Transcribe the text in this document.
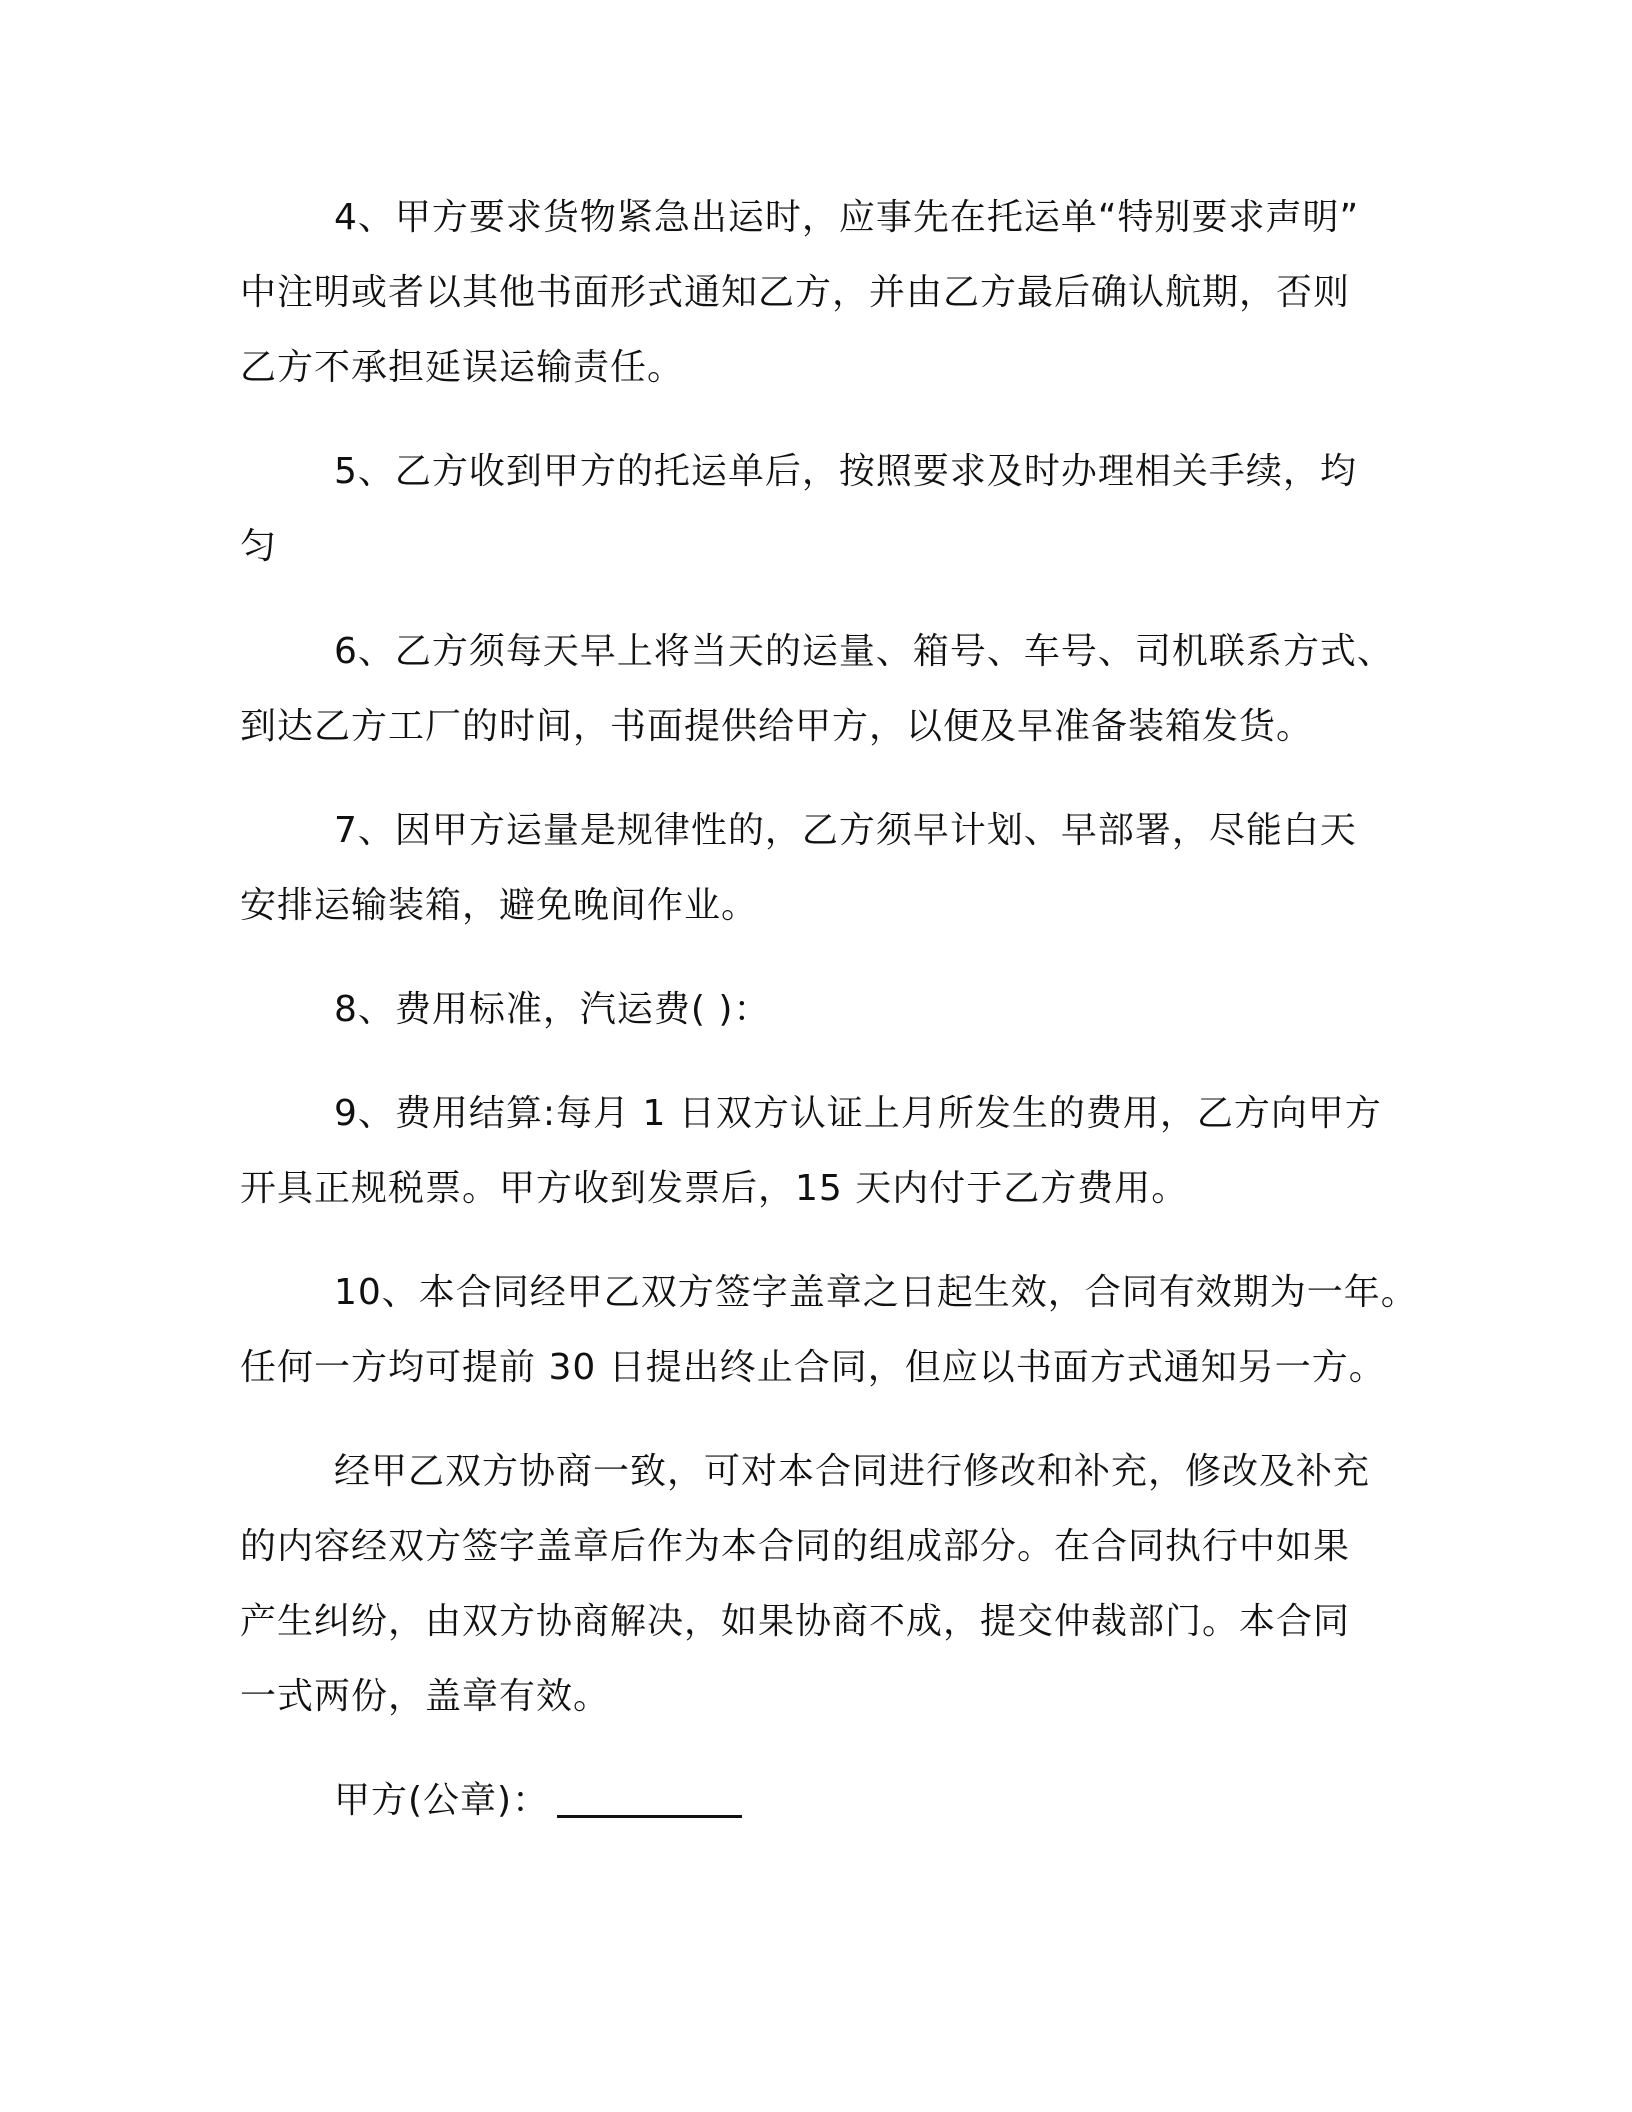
4、甲方要求货物紧急出运时，应事先在托运单“特别要求声明”
中注明或者以其他书面形式通知乙方，并由乙方最后确认航期，否则
乙方不承担延误运输责任。
5、乙方收到甲方的托运单后，按照要求及时办理相关手续，均
匀
6、乙方须每天早上将当天的运量、箱号、车号、司机联系方式、
到达乙方工厂的时间，书面提供给甲方，以便及早准备装箱发货。
7、因甲方运量是规律性的，乙方须早计划、早部署，尽能白天
安排运输装箱，避免晚间作业。
8、费用标准，汽运费( )：
9、费用结算:每月 1 日双方认证上月所发生的费用，乙方向甲方
开具正规税票。甲方收到发票后，15 天内付于乙方费用。
10、本合同经甲乙双方签字盖章之日起生效，合同有效期为一年。
任何一方均可提前 30 日提出终止合同，但应以书面方式通知另一方。
经甲乙双方协商一致，可对本合同进行修改和补充，修改及补充
的内容经双方签字盖章后作为本合同的组成部分。在合同执行中如果
产生纠纷，由双方协商解决，如果协商不成，提交仲裁部门。本合同
一式两份，盖章有效。
甲方(公章)：
